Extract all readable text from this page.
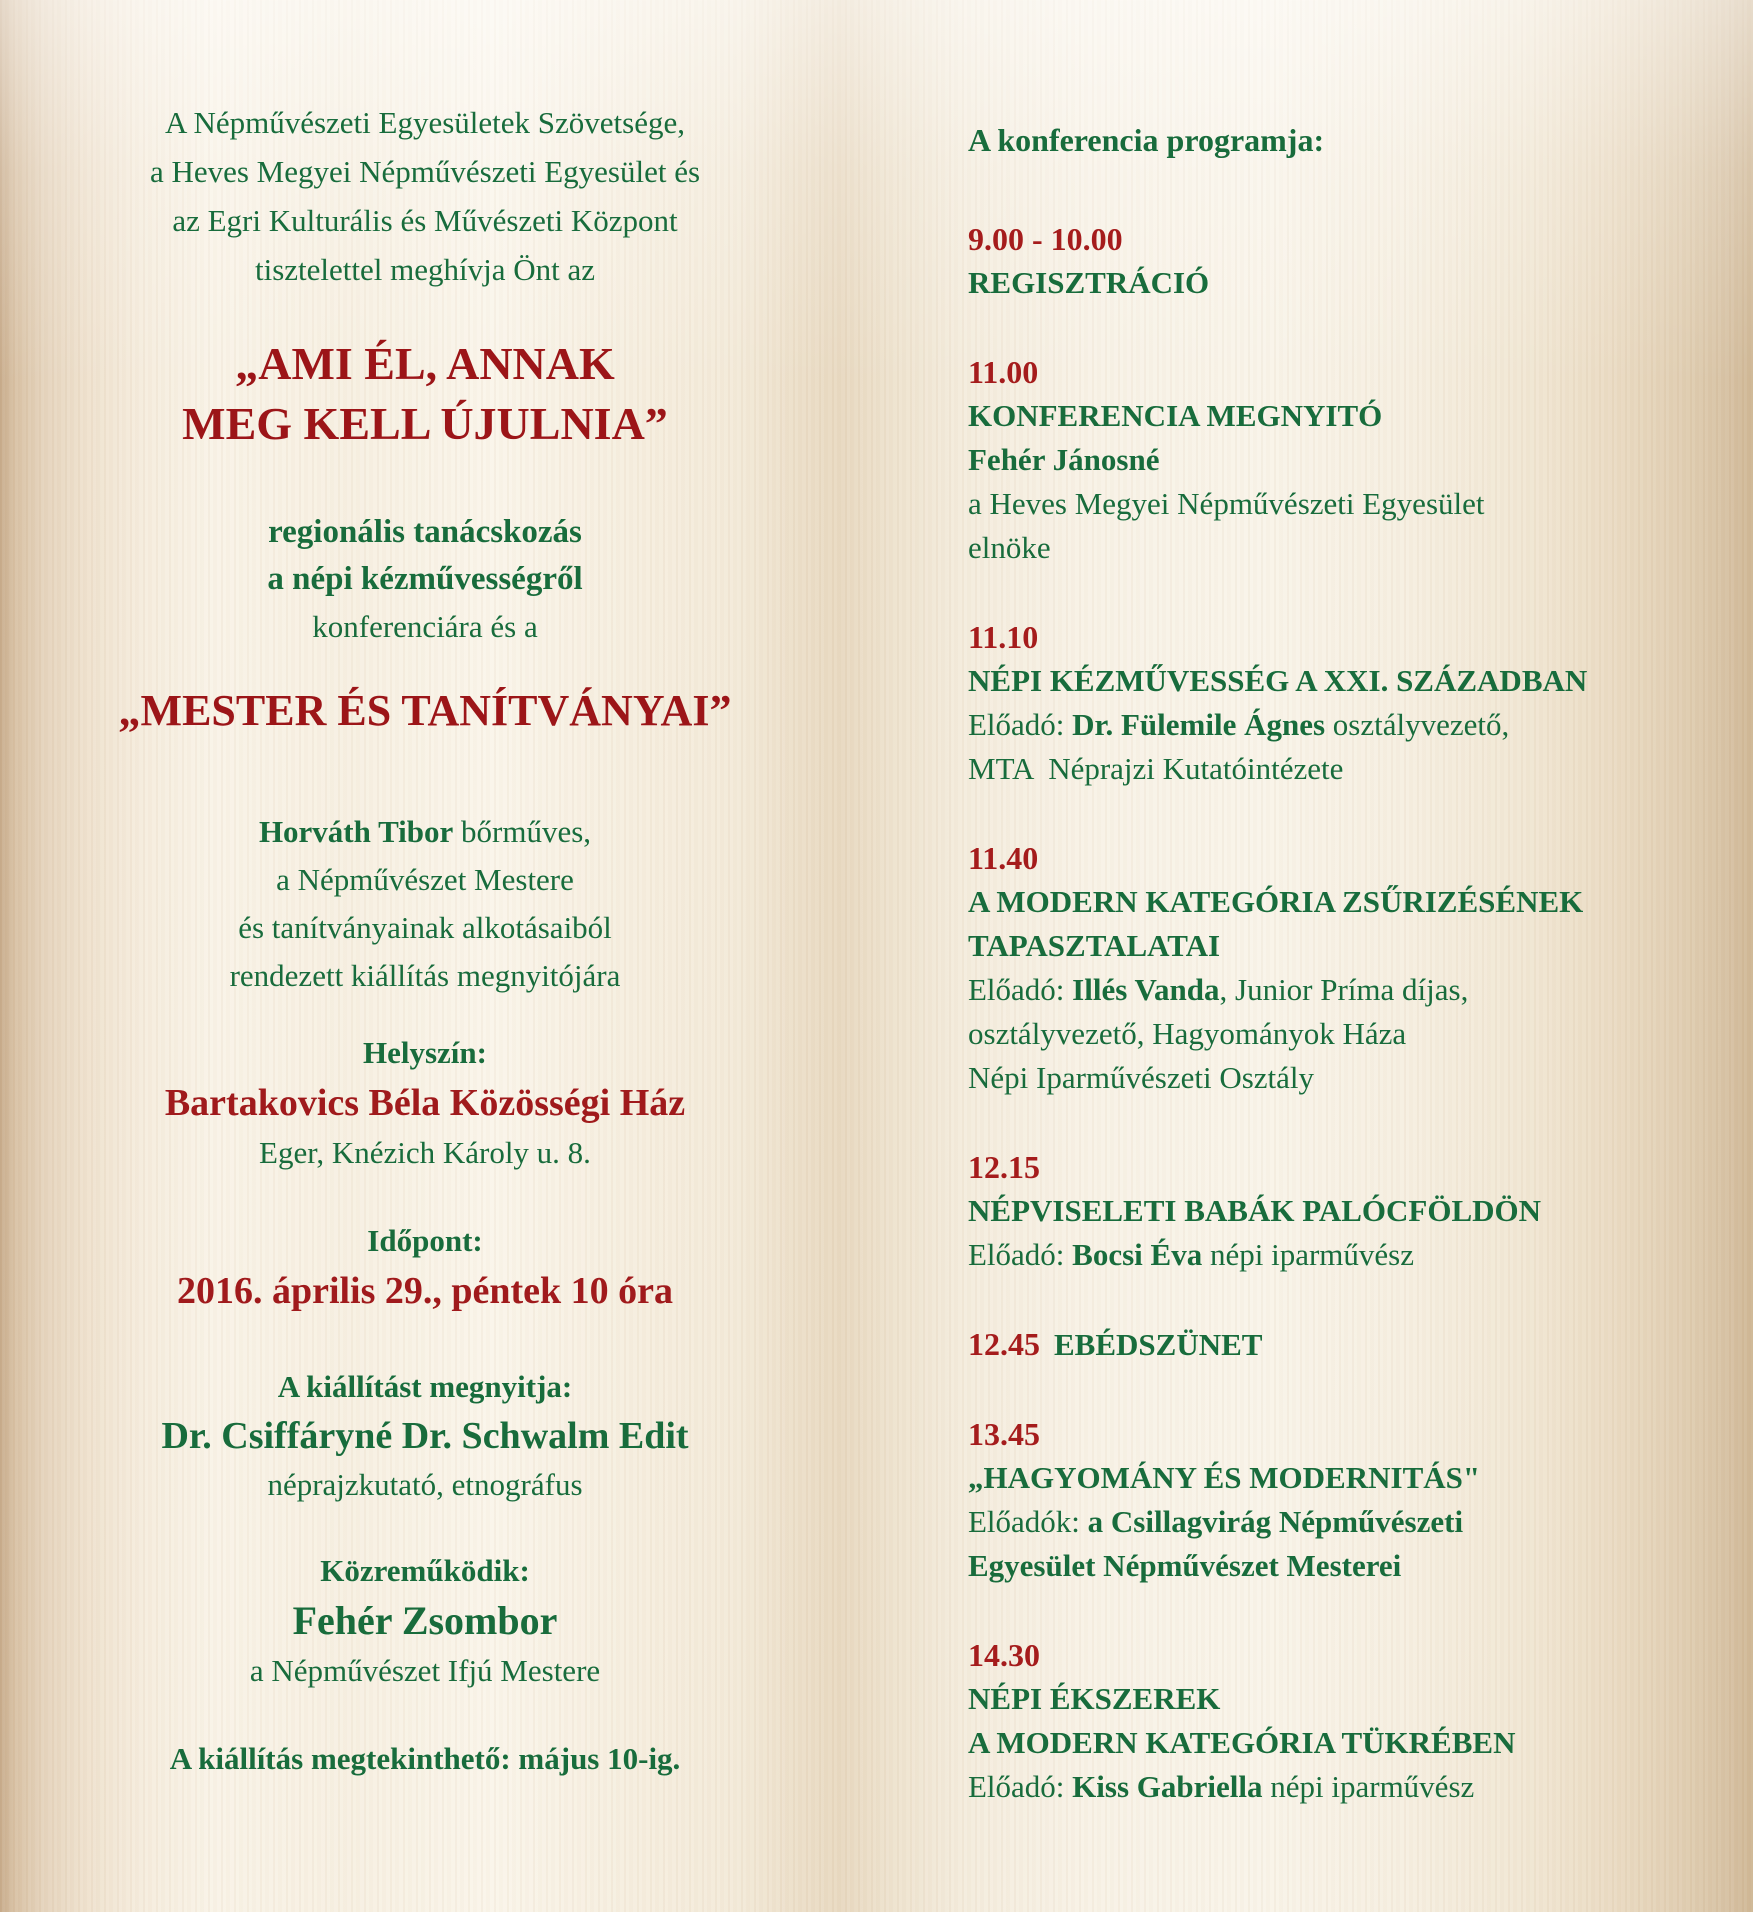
A Népművészeti Egyesületek Szövetsége,
a Heves Megyei Népművészeti Egyesület és
az Egri Kulturális és Művészeti Központ
tisztelettel meghívja Önt az
„AMI ÉL, ANNAK
MEG KELL ÚJULNIA”
regionális tanácskozás
a népi kézművességről
konferenciára és a
„MESTER ÉS TANÍTVÁNYAI”
Horváth Tibor bőrműves,
a Népművészet Mestere
és tanítványainak alkotásaiból
rendezett kiállítás megnyitójára
Helyszín:
Bartakovics Béla Közösségi Ház
Eger, Knézich Károly u. 8.
Időpont:
2016. április 29., péntek 10 óra
A kiállítást megnyitja:
Dr. Csiffáryné Dr. Schwalm Edit
néprajzkutató, etnográfus
Közreműködik:
Fehér Zsombor
a Népművészet Ifjú Mestere
A kiállítás megtekinthető: május 10-ig.
A konferencia programja:
9.00 - 10.00
REGISZTRÁCIÓ
11.00
KONFERENCIA MEGNYITÓ
Fehér Jánosné
a Heves Megyei Népművészeti Egyesület
elnöke
11.10
NÉPI KÉZMŰVESSÉG A XXI. SZÁZADBAN
Előadó: Dr. Fülemile Ágnes osztályvezető,
MTA  Néprajzi Kutatóintézete
11.40
A MODERN KATEGÓRIA ZSŰRIZÉSÉNEK
TAPASZTALATAI
Előadó: Illés Vanda, Junior Príma díjas,
osztályvezető, Hagyományok Háza
Népi Iparművészeti Osztály
12.15
NÉPVISELETI BABÁK PALÓCFÖLDÖN
Előadó: Bocsi Éva népi iparművész
12.45 EBÉDSZÜNET
13.45
„HAGYOMÁNY ÉS MODERNITÁS"
Előadók: a Csillagvirág Népművészeti
Egyesület Népművészet Mesterei
14.30
NÉPI ÉKSZEREK
A MODERN KATEGÓRIA TÜKRÉBEN
Előadó: Kiss Gabriella népi iparművész
